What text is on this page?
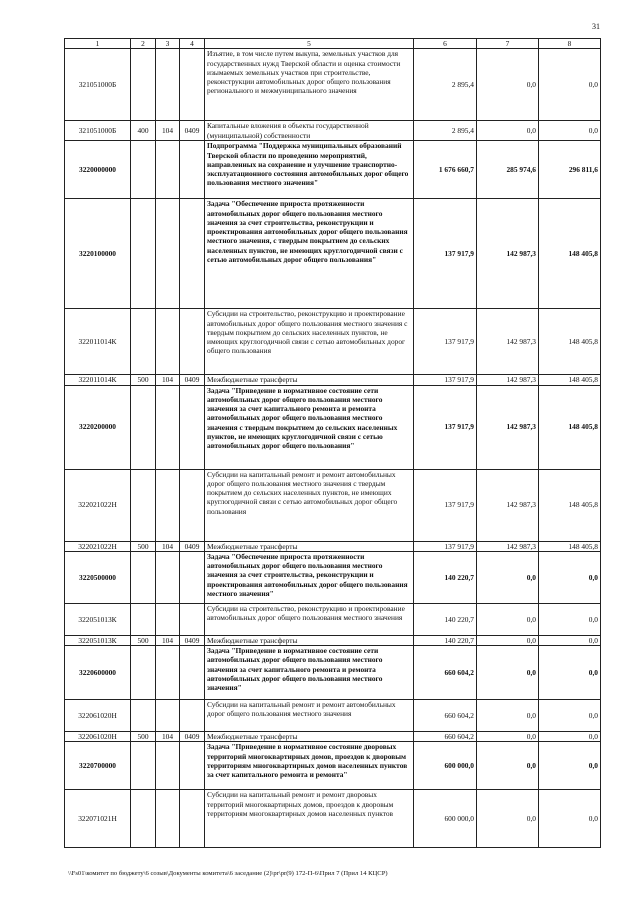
31
1	2	3	4	5	6	7	8
321051000Б				Изъятие, в том числе путем выкупа, земельных участков для государственных нужд Тверской области и оценка стоимости изымаемых земельных участков при строительстве, реконструкции автомобильных дорог общего пользования регионального и межмуниципального значения	2 895,4	0,0	0,0
321051000Б	400	104	0409	Капитальные вложения в объекты государственной (муниципальной) собственности	2 895,4	0,0	0,0
3220000000				Подпрограмма "Поддержка муниципальных образований Тверской области по проведению мероприятий, направленных на сохранение и улучшение транспортно-эксплуатационного состояния автомобильных дорог общего пользования местного значения"	1 676 660,7	285 974,6	296 811,6
3220100000				Задача "Обеспечение прироста протяженности автомобильных дорог общего пользования местного значения за счет строительства, реконструкции и проектирования автомобильных дорог общего пользования местного значения, с твердым покрытием до сельских населенных пунктов, не имеющих круглогодичной связи с сетью автомобильных дорог общего пользования"	137 917,9	142 987,3	148 405,8
322011014К				Субсидии на строительство, реконструкцию и проектирование автомобильных дорог общего пользования местного значения с твердым покрытием до сельских населенных пунктов, не имеющих круглогодичной связи с сетью автомобильных дорог общего пользования	137 917,9	142 987,3	148 405,8
322011014К	500	104	0409	Межбюджетные трансферты	137 917,9	142 987,3	148 405,8
3220200000				Задача "Приведение в нормативное состояние сети автомобильных дорог общего пользования местного значения за счет капитального ремонта и ремонта автомобильных дорог общего пользования местного значения с твердым покрытием до сельских населенных пунктов, не имеющих круглогодичной связи с сетью автомобильных дорог общего пользования"	137 917,9	142 987,3	148 405,8
322021022Н				Субсидии на капитальный ремонт и ремонт автомобильных дорог общего пользования местного значения с твердым покрытием до сельских населенных пунктов, не имеющих круглогодичной связи с сетью автомобильных дорог общего пользования	137 917,9	142 987,3	148 405,8
322021022Н	500	104	0409	Межбюджетные трансферты	137 917,9	142 987,3	148 405,8
3220500000				Задача "Обеспечение прироста протяженности автомобильных дорог общего пользования местного значения за счет строительства, реконструкции и проектирования автомобильных дорог общего пользования местного значения"	140 220,7	0,0	0,0
322051013К				Субсидии на строительство, реконструкцию и проектирование автомобильных дорог общего пользования местного значения	140 220,7	0,0	0,0
322051013К	500	104	0409	Межбюджетные трансферты	140 220,7	0,0	0,0
3220600000				Задача "Приведение в нормативное состояние сети автомобильных дорог общего пользования местного значения за счет капитального ремонта и ремонта автомобильных дорог общего пользования местного значения"	660 604,2	0,0	0,0
322061020Н				Субсидии на капитальный ремонт и ремонт автомобильных дорог общего пользования местного значения	660 604,2	0,0	0,0
322061020Н	500	104	0409	Межбюджетные трансферты	660 604,2	0,0	0,0
3220700000				Задача "Приведение в нормативное состояние дворовых территорий многоквартирных домов, проездов к дворовым территориям многоквартирных домов населенных пунктов за счет капитального ремонта и ремонта"	600 000,0	0,0	0,0
322071021Н				Субсидии на капитальный ремонт и ремонт дворовых территорий многоквартирных домов, проездов к дворовым территориям многоквартирных домов населенных пунктов	600 000,0	0,0	0,0
\\Fs01\комитет по бюджету\6 созыв\Документы комитета\6 заседание (2)\pr\pr(9) 172-П-6\Прил 7 (Прил 14 КЦСР)
